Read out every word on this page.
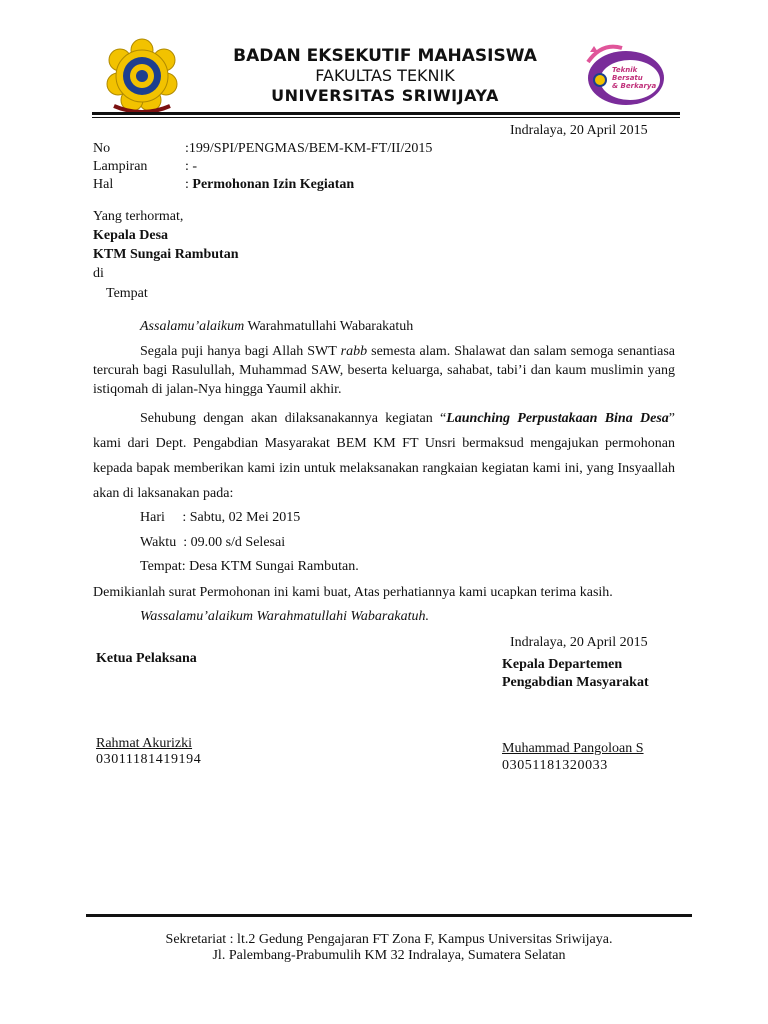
Teknik
Bersatu
& Berkarya
BADAN EKSEKUTIF MAHASISWA
FAKULTAS TEKNIK
UNIVERSITAS SRIWIJAYA
Indralaya, 20 April 2015
No	:199/SPI/PENGMAS/BEM-KM-FT/II/2015
Lampiran	: -
Hal	: Permohonan Izin Kegiatan
Yang terhormat,
Kepala Desa
KTM Sungai Rambutan
di
Tempat
Assalamu’alaikum Warahmatullahi Wabarakatuh
Segala puji hanya bagi Allah SWT rabb semesta alam. Shalawat dan salam semoga senantiasa tercurah bagi Rasulullah, Muhammad SAW, beserta keluarga, sahabat, tabi’i dan kaum muslimin yang istiqomah di jalan-Nya hingga Yaumil akhir.
Sehubung dengan akan dilaksanakannya kegiatan “Launching Perpustakaan Bina Desa” kami dari Dept. Pengabdian Masyarakat BEM KM FT Unsri bermaksud mengajukan permohonan kepada bapak memberikan kami izin untuk melaksanakan rangkaian kegiatan kami ini, yang Insyaallah akan di laksanakan pada:
Hari     : Sabtu, 02 Mei 2015
Waktu  : 09.00 s/d Selesai
Tempat: Desa KTM Sungai Rambutan.
Demikianlah surat Permohonan ini kami buat, Atas perhatiannya kami ucapkan terima kasih.
Wassalamu’alaikum Warahmatullahi Wabarakatuh.
Indralaya, 20 April 2015
Ketua Pelaksana	Kepala Departemen
Pengabdian Masyarakat
Rahmat Akurizki
03011181419194
Muhammad Pangoloan S
03051181320033
Sekretariat : lt.2 Gedung Pengajaran FT Zona F, Kampus Universitas Sriwijaya.
Jl. Palembang-Prabumulih KM 32 Indralaya, Sumatera Selatan
